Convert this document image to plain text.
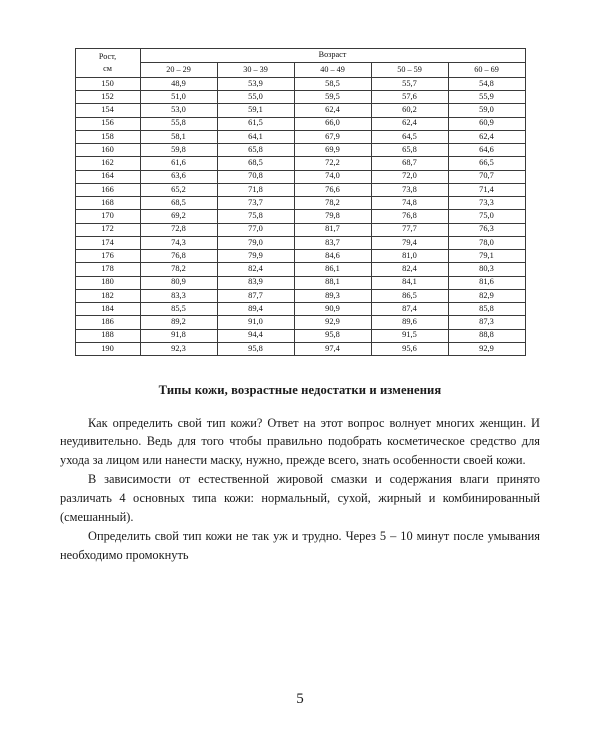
Рост,
см	Возраст				
	20 – 29	30 – 39	40 – 49	50 – 59	60 – 69
150	48,9	53,9	58,5	55,7	54,8
152	51,0	55,0	59,5	57,6	55,9
154	53,0	59,1	62,4	60,2	59,0
156	55,8	61,5	66,0	62,4	60,9
158	58,1	64,1	67,9	64,5	62,4
160	59,8	65,8	69,9	65,8	64,6
162	61,6	68,5	72,2	68,7	66,5
164	63,6	70,8	74,0	72,0	70,7
166	65,2	71,8	76,6	73,8	71,4
168	68,5	73,7	78,2	74,8	73,3
170	69,2	75,8	79,8	76,8	75,0
172	72,8	77,0	81,7	77,7	76,3
174	74,3	79,0	83,7	79,4	78,0
176	76,8	79,9	84,6	81,0	79,1
178	78,2	82,4	86,1	82,4	80,3
180	80,9	83,9	88,1	84,1	81,6
182	83,3	87,7	89,3	86,5	82,9
184	85,5	89,4	90,9	87,4	85,8
186	89,2	91,0	92,9	89,6	87,3
188	91,8	94,4	95,8	91,5	88,8
190	92,3	95,8	97,4	95,6	92,9
Типы кожи, возрастные недостатки и изменения

Как определить свой тип кожи? Ответ на этот вопрос волнует многих женщин. И неудивительно. Ведь для того чтобы правильно подобрать косметическое средство для ухода за лицом или нанести маску, нужно, прежде всего, знать особенности своей кожи.

В зависимости от естественной жировой смазки и содержания влаги принято различать 4 основных типа кожи: нормальный, сухой, жирный и комбинированный (смешанный).

Определить свой тип кожи не так уж и трудно. Через 5 – 10 минут после умывания необходимо промокнуть

5
